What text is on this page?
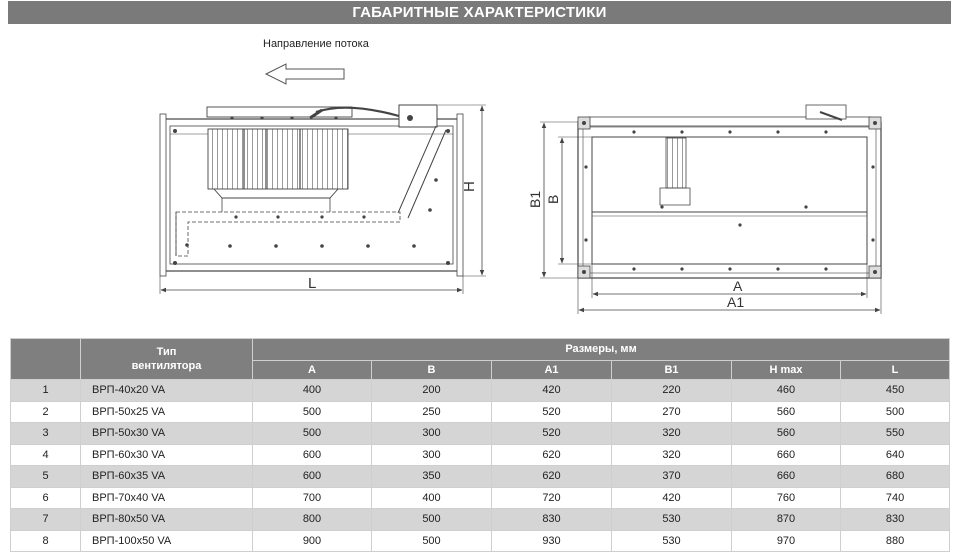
ГАБАРИТНЫЕ ХАРАКТЕРИСТИКИ
Направление потока
H
L	A
A1
B
B1
	Тип
вентилятора	Размеры, мм					
		A	B	A1	B1	H max	L
1	ВРП-40х20 VA	400	200	420	220	460	450
2	ВРП-50х25 VA	500	250	520	270	560	500
3	ВРП-50х30 VA	500	300	520	320	560	550
4	ВРП-60х30 VA	600	300	620	320	660	640
5	ВРП-60х35 VA	600	350	620	370	660	680
6	ВРП-70х40 VA	700	400	720	420	760	740
7	ВРП-80х50 VA	800	500	830	530	870	830
8	ВРП-100х50 VA	900	500	930	530	970	880
